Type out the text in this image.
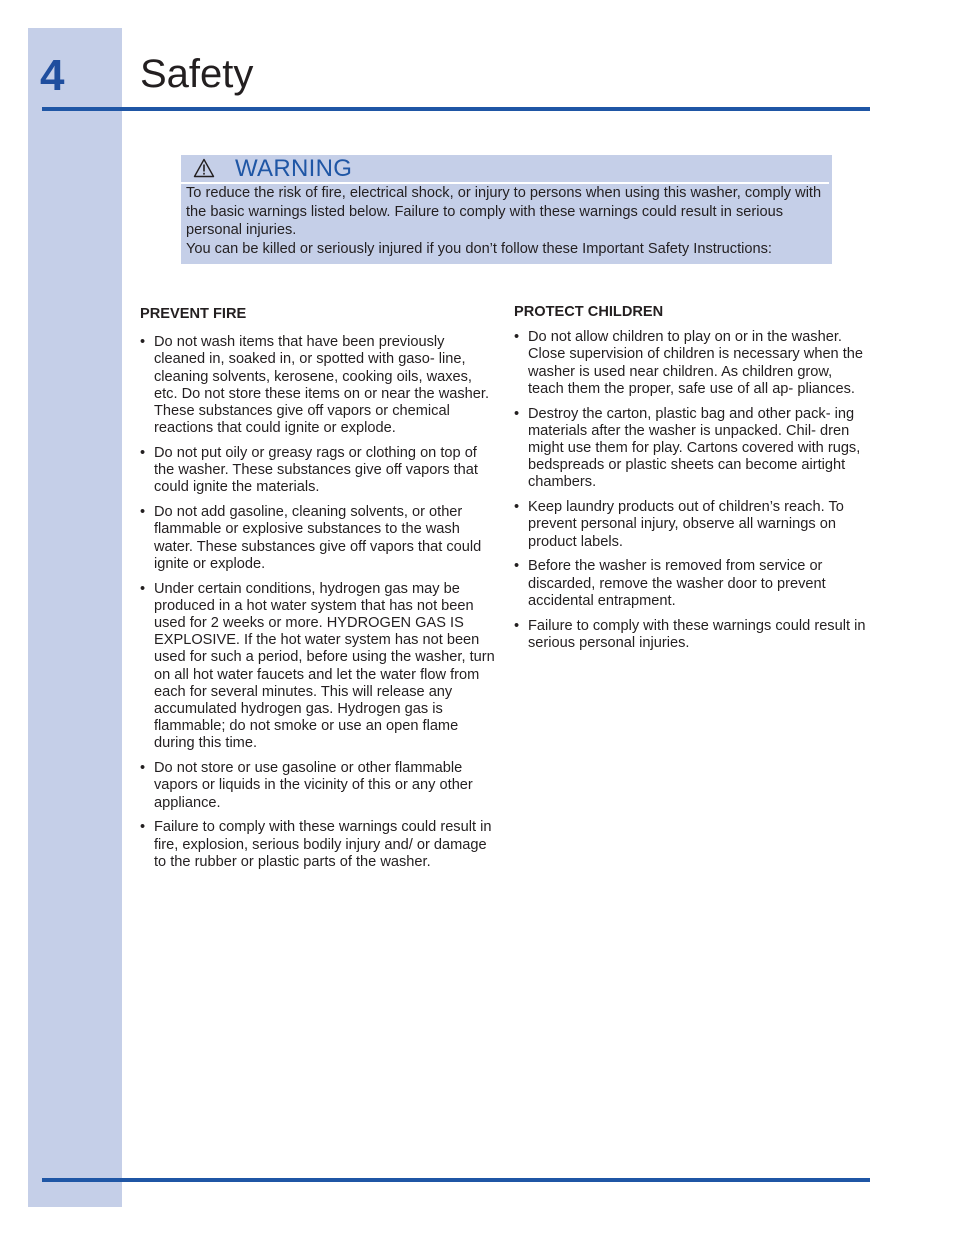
4 Safety
WARNING

To reduce the risk of fire, electrical shock, or injury to persons when using this washer, comply with the basic warnings listed below. Failure to comply with these warnings could result in serious personal injuries.

You can be killed or seriously injured if you don’t follow these Important Safety Instructions:

PREVENT FIRE
• Do not wash items that have been previously cleaned in, soaked in, or spotted with gaso- line, cleaning solvents, kerosene, cooking oils, waxes, etc. Do not store these items on or near the washer. These substances give off vapors or chemical reactions that could ignite or explode.
• Do not put oily or greasy rags or clothing on top of the washer. These substances give off vapors that could ignite the materials.
• Do not add gasoline, cleaning solvents, or other flammable or explosive substances to the wash water. These substances give off vapors that could ignite or explode.
• Under certain conditions, hydrogen gas may be produced in a hot water system that has not been used for 2 weeks or more. HYDROGEN GAS IS EXPLOSIVE. If the hot water system has not been used for such a period, before using the washer, turn on all hot water faucets and let the water flow from each for several minutes. This will release any accumulated hydrogen gas. Hydrogen gas is flammable; do not smoke or use an open flame during this time.
• Do not store or use gasoline or other flammable vapors or liquids in the vicinity of this or any other appliance.
• Failure to comply with these warnings could result in fire, explosion, serious bodily injury and/ or damage to the rubber or plastic parts of the washer.
PROTECT CHILDREN
• Do not allow children to play on or in the washer. Close supervision of children is necessary when the washer is used near children. As children grow, teach them the proper, safe use of all ap- pliances.
• Destroy the carton, plastic bag and other pack- ing materials after the washer is unpacked. Chil- dren might use them for play. Cartons covered with rugs, bedspreads or plastic sheets can become airtight chambers.
• Keep laundry products out of children’s reach. To prevent personal injury, observe all warnings on product labels.
• Before the washer is removed from service or discarded, remove the washer door to prevent accidental entrapment.
• Failure to comply with these warnings could result in serious personal injuries.
